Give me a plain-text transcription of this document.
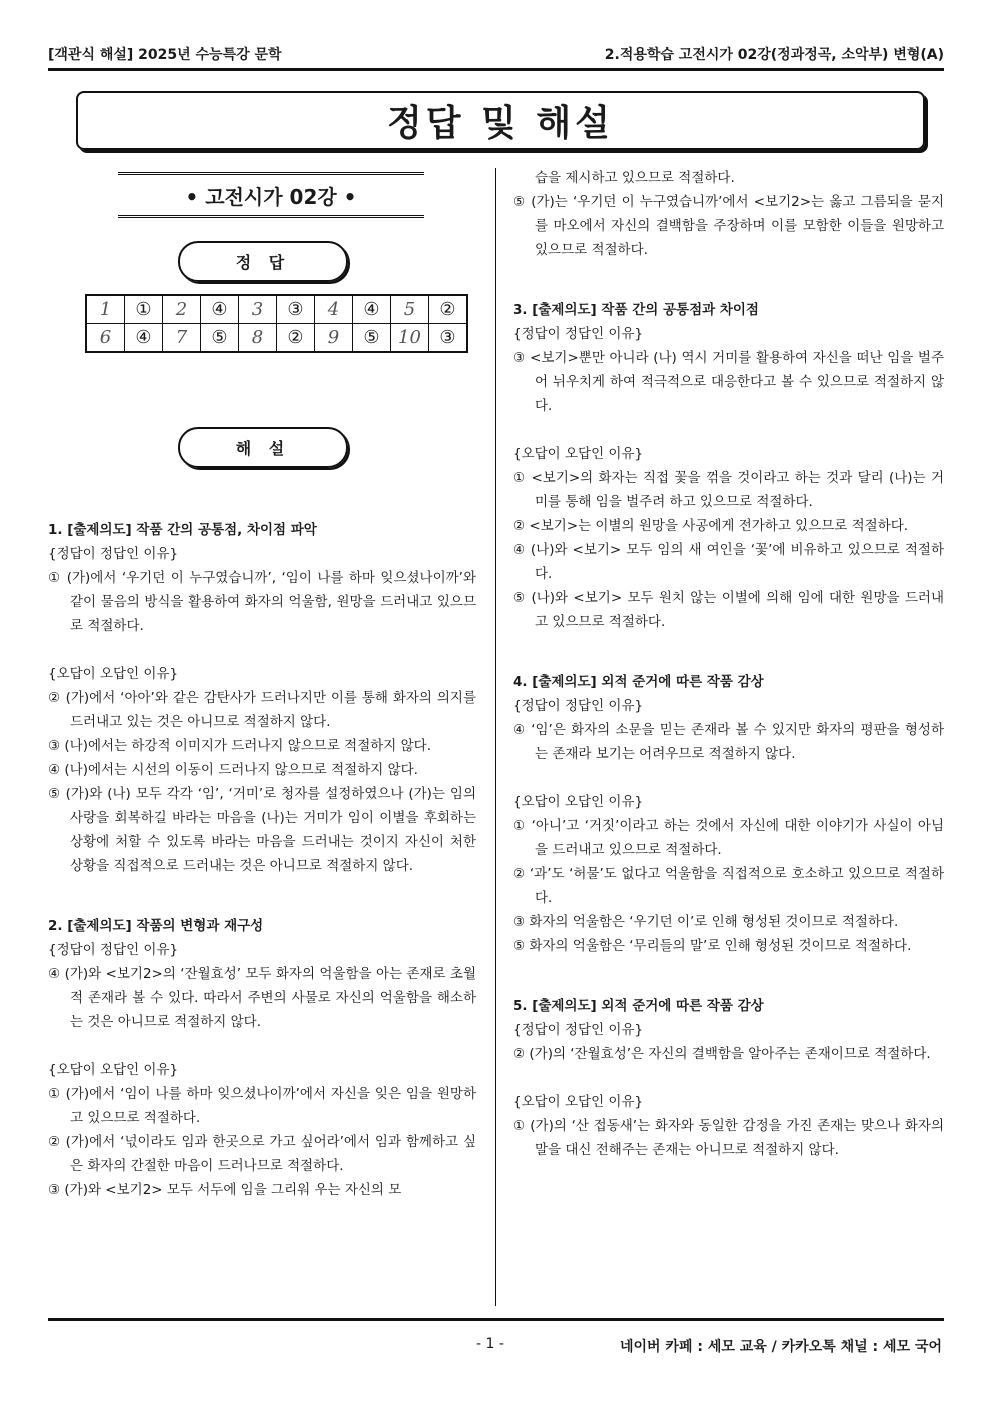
[객관식 해설] 2025년 수능특강 문학	2.적용학습 고전시가 02강(정과정곡, 소악부) 변형(A)
정답 및 해설
• 고전시가 02강 •
정 답
1	①	2	④	3	③	4	④	5	②
6	④	7	⑤	8	②	9	⑤	10	③
해 설

1. [출제의도] 작품 간의 공통점, 차이점 파악

{정답이 정답인 이유}

① (가)에서 ‘우기던 이 누구였습니까’, ‘임이 나를 하마 잊으셨나이까’와 같이 물음의 방식을 활용하여 화자의 억울함, 원망을 드러내고 있으므로 적절하다.

{오답이 오답인 이유}

② (가)에서 ‘아아’와 같은 감탄사가 드러나지만 이를 통해 화자의 의지를 드러내고 있는 것은 아니므로 적절하지 않다.

③ (나)에서는 하강적 이미지가 드러나지 않으므로 적절하지 않다.

④ (나)에서는 시선의 이동이 드러나지 않으므로 적절하지 않다.

⑤ (가)와 (나) 모두 각각 ‘임’, ‘거미’로 청자를 설정하였으나 (가)는 임의 사랑을 회복하길 바라는 마음을 (나)는 거미가 임이 이별을 후회하는 상황에 처할 수 있도록 바라는 마음을 드러내는 것이지 자신이 처한 상황을 직접적으로 드러내는 것은 아니므로 적절하지 않다.

2. [출제의도] 작품의 변형과 재구성

{정답이 정답인 이유}

④ (가)와 <보기2>의 ‘잔월효성’ 모두 화자의 억울함을 아는 존재로 초월적 존재라 볼 수 있다. 따라서 주변의 사물로 자신의 억울함을 해소하는 것은 아니므로 적절하지 않다.

{오답이 오답인 이유}

① (가)에서 ‘임이 나를 하마 잊으셨나이까’에서 자신을 잊은 임을 원망하고 있으므로 적절하다.

② (가)에서 ‘넋이라도 임과 한곳으로 가고 싶어라’에서 임과 함께하고 싶은 화자의 간절한 마음이 드러나므로 적절하다.

③ (가)와 <보기2> 모두 서두에 임을 그리워 우는 자신의 모

습을 제시하고 있으므로 적절하다.

⑤ (가)는 ‘우기던 이 누구였습니까’에서 <보기2>는 옳고 그름되을 묻지를 마오에서 자신의 결백함을 주장하며 이를 모함한 이들을 원망하고 있으므로 적절하다.

3. [출제의도] 작품 간의 공통점과 차이점

{정답이 정답인 이유}

③ <보기>뿐만 아니라 (나) 역시 거미를 활용하여 자신을 떠난 임을 벌주어 뉘우치게 하여 적극적으로 대응한다고 볼 수 있으므로 적절하지 않다.

{오답이 오답인 이유}

① <보기>의 화자는 직접 꽃을 꺾을 것이라고 하는 것과 달리 (나)는 거미를 통해 임을 벌주려 하고 있으므로 적절하다.

② <보기>는 이별의 원망을 사공에게 전가하고 있으므로 적절하다.

④ (나)와 <보기> 모두 임의 새 여인을 ‘꽃’에 비유하고 있으므로 적절하다.

⑤ (나)와 <보기> 모두 원치 않는 이별에 의해 임에 대한 원망을 드러내고 있으므로 적절하다.

4. [출제의도] 외적 준거에 따른 작품 감상

{정답이 정답인 이유}

④ ‘임’은 화자의 소문을 믿는 존재라 볼 수 있지만 화자의 평판을 형성하는 존재라 보기는 어려우므로 적절하지 않다.

{오답이 오답인 이유}

① ‘아니’고 ‘거짓’이라고 하는 것에서 자신에 대한 이야기가 사실이 아님을 드러내고 있으므로 적절하다.

② ‘과’도 ‘허물’도 없다고 억울함을 직접적으로 호소하고 있으므로 적절하다.

③ 화자의 억울함은 ‘우기던 이’로 인해 형성된 것이므로 적절하다.

⑤ 화자의 억울함은 ‘무리들의 말’로 인해 형성된 것이므로 적절하다.

5. [출제의도] 외적 준거에 따른 작품 감상

{정답이 정답인 이유}

② (가)의 ‘잔월효성’은 자신의 결백함을 알아주는 존재이므로 적절하다.

{오답이 오답인 이유}

① (가)의 ‘산 접동새’는 화자와 동일한 감정을 가진 존재는 맞으나 화자의 말을 대신 전해주는 존재는 아니므로 적절하지 않다.

- 1 -	네이버 카페 : 세모 교육 / 카카오톡 채널 : 세모 국어
